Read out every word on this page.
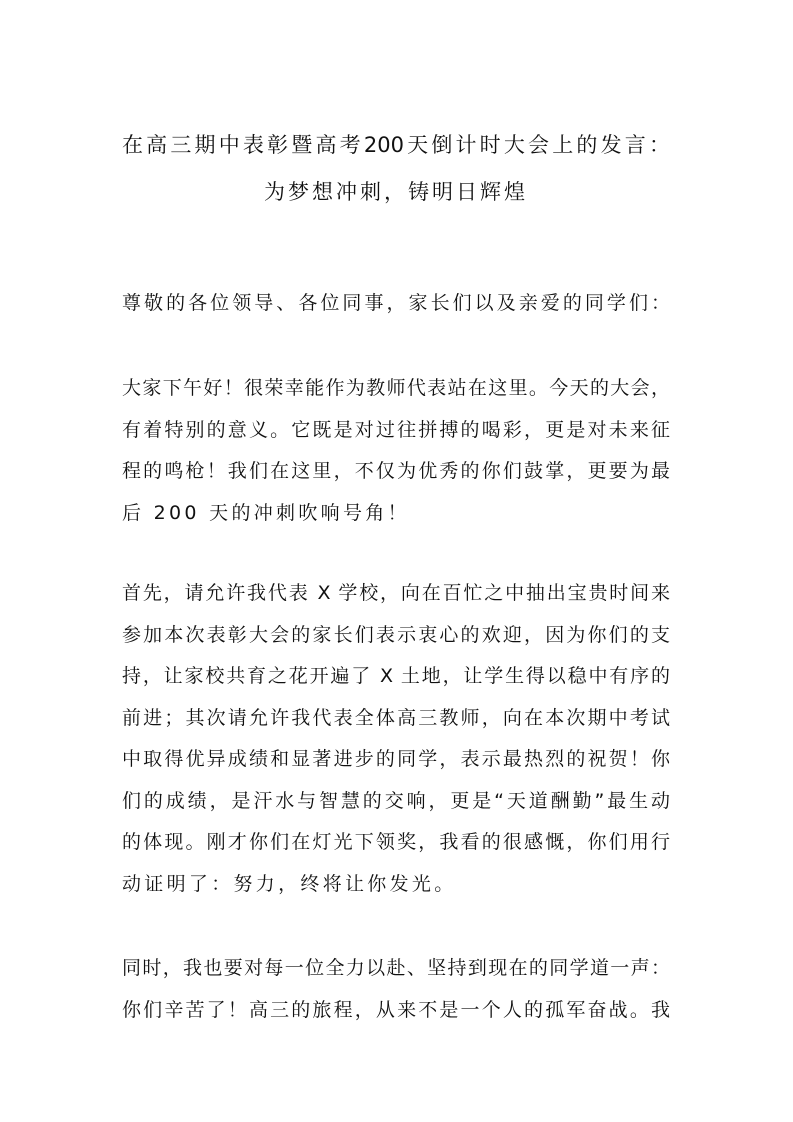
在高三期中表彰暨高考200天倒计时大会上的发言：
为梦想冲刺，铸明日辉煌
尊敬的各位领导、各位同事，家长们以及亲爱的同学们：
大家下午好！很荣幸能作为教师代表站在这里。今天的大会，
有着特别的意义。它既是对过往拼搏的喝彩，更是对未来征
程的鸣枪！我们在这里，不仅为优秀的你们鼓掌，更要为最
后 200 天的冲刺吹响号角！
首先，请允许我代表 X 学校，向在百忙之中抽出宝贵时间来
参加本次表彰大会的家长们表示衷心的欢迎，因为你们的支
持，让家校共育之花开遍了 X 土地，让学生得以稳中有序的
前进；其次请允许我代表全体高三教师，向在本次期中考试
中取得优异成绩和显著进步的同学，表示最热烈的祝贺！你
们的成绩，是汗水与智慧的交响，更是“天道酬勤”最生动
的体现。刚才你们在灯光下领奖，我看的很感慨，你们用行
动证明了：努力，终将让你发光。
同时，我也要对每一位全力以赴、坚持到现在的同学道一声：
你们辛苦了！高三的旅程，从来不是一个人的孤军奋战。我
